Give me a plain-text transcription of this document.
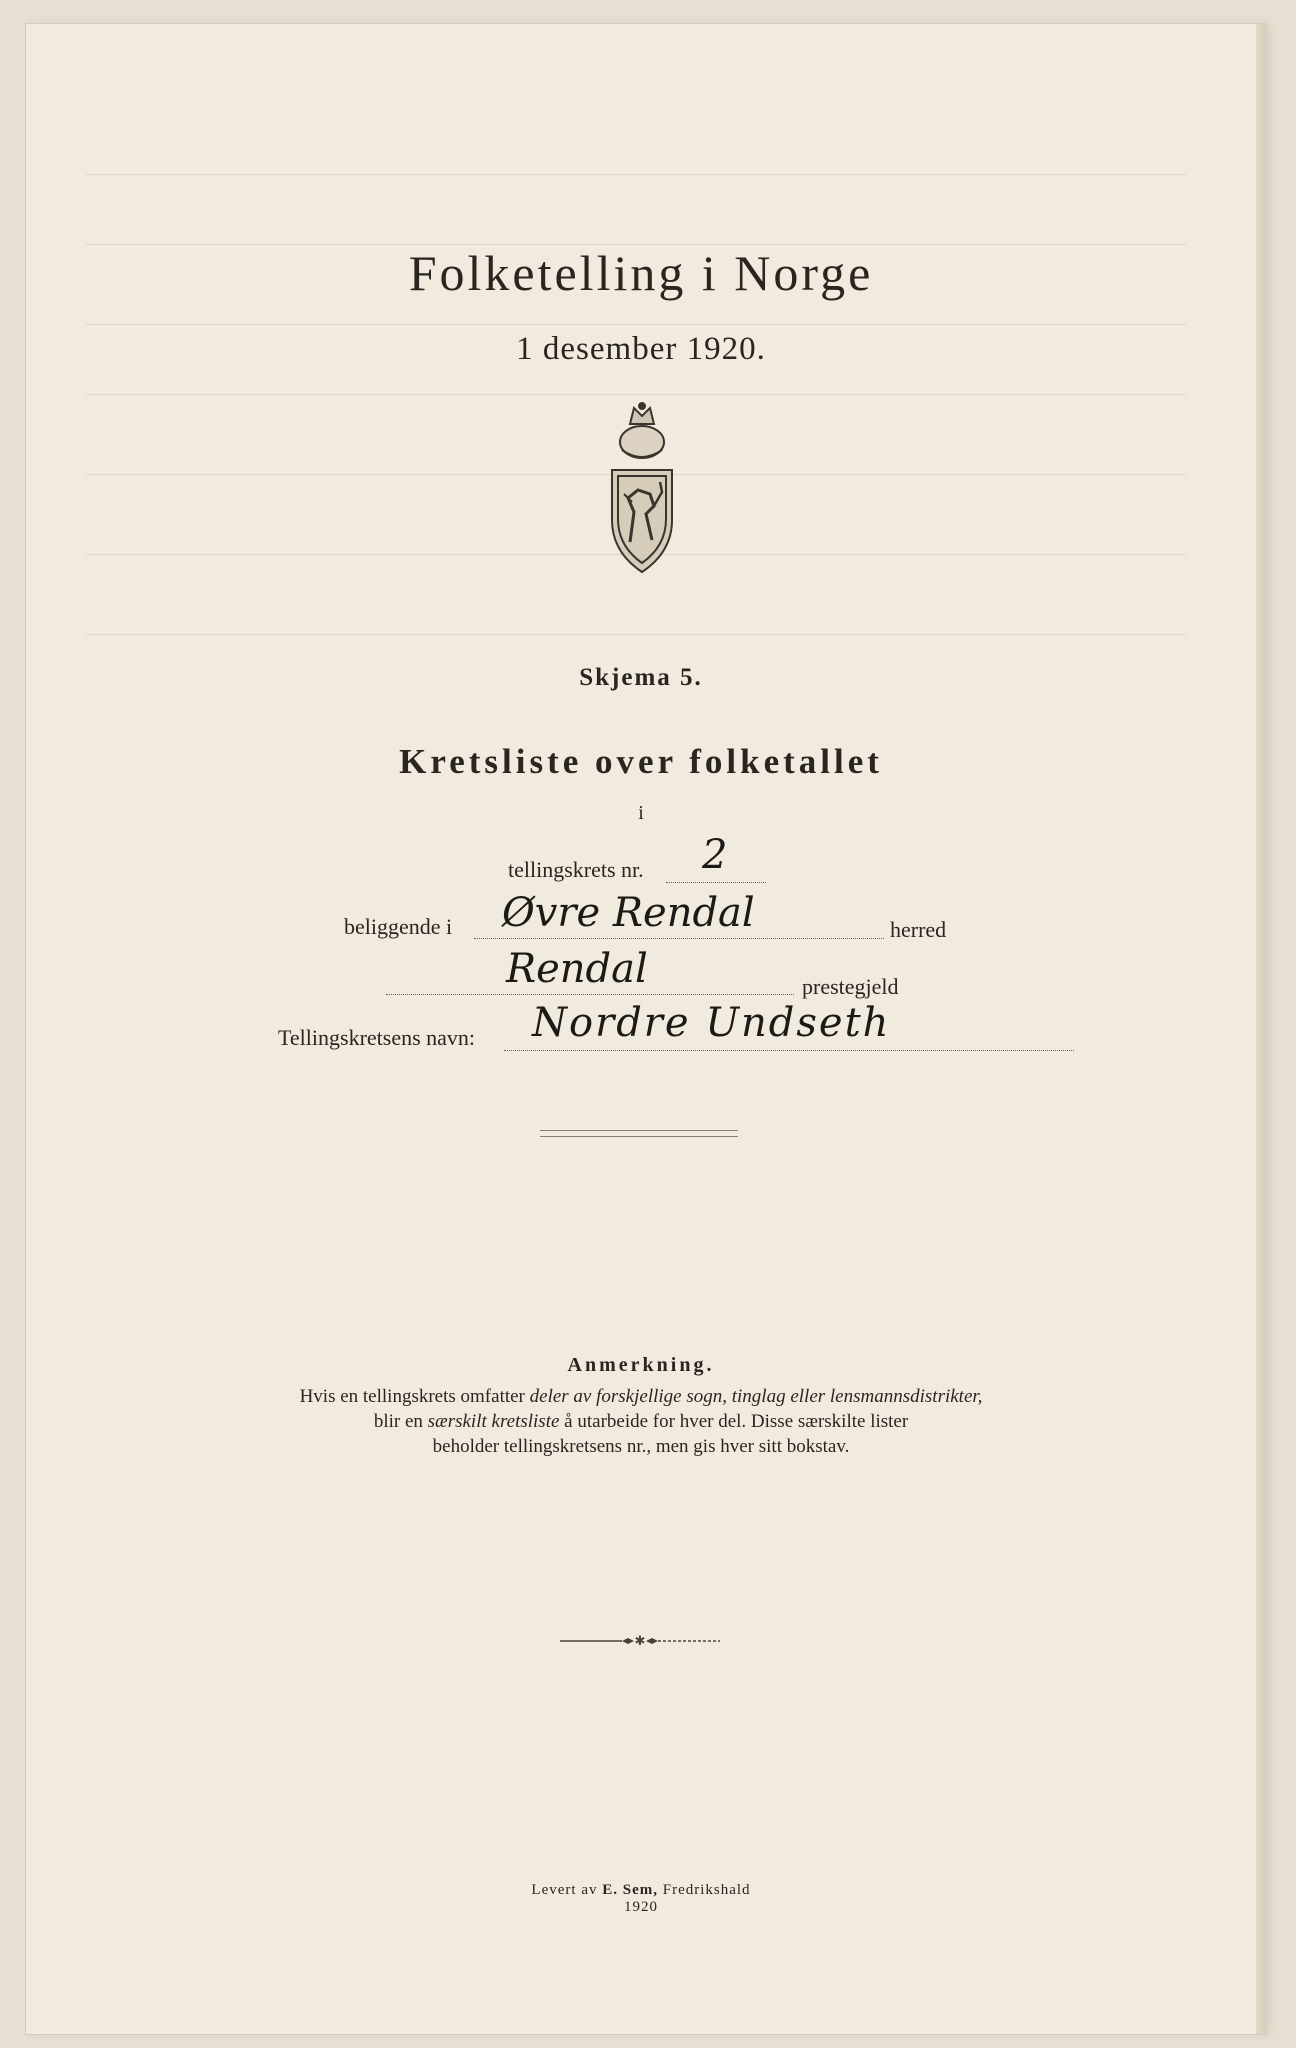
Folketelling i Norge
1 desember 1920.
Skjema 5.
Kretsliste over folketallet
i
tellingskrets nr. 2
beliggende i Øvre Rendal	herred
Rendal	prestegjeld
Tellingskretsens navn: Nordre Undseth
Anmerkning.
Hvis en tellingskrets omfatter deler av forskjellige sogn, tinglag eller lensmannsdistrikter,
blir en særskilt kretsliste å utarbeide for hver del. Disse særskilte lister
beholder tellingskretsens nr., men gis hver sitt bokstav.
✱
Levert av E. Sem, Fredrikshald
1920
